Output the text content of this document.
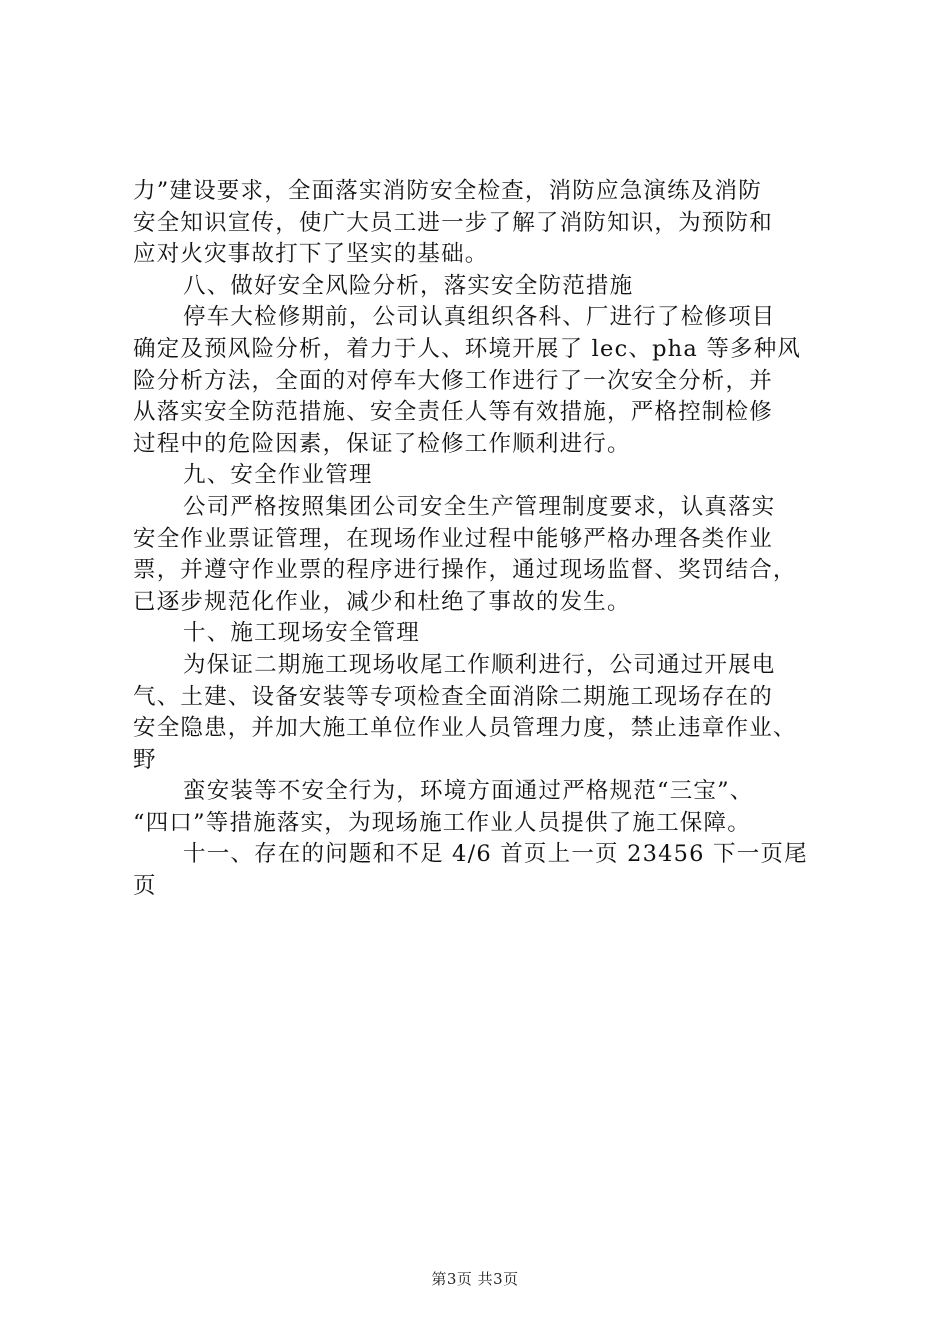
力”建设要求，全面落实消防安全检查，消防应急演练及消防
安全知识宣传，使广大员工进一步了解了消防知识，为预防和
应对火灾事故打下了坚实的基础。
八、做好安全风险分析，落实安全防范措施
停车大检修期前，公司认真组织各科、厂进行了检修项目
确定及预风险分析，着力于人、环境开展了 lec、pha 等多种风
险分析方法，全面的对停车大修工作进行了一次安全分析，并
从落实安全防范措施、安全责任人等有效措施，严格控制检修
过程中的危险因素，保证了检修工作顺利进行。
九、安全作业管理
公司严格按照集团公司安全生产管理制度要求，认真落实
安全作业票证管理，在现场作业过程中能够严格办理各类作业
票，并遵守作业票的程序进行操作，通过现场监督、奖罚结合，
已逐步规范化作业，减少和杜绝了事故的发生。
十、施工现场安全管理
为保证二期施工现场收尾工作顺利进行，公司通过开展电
气、土建、设备安装等专项检查全面消除二期施工现场存在的
安全隐患，并加大施工单位作业人员管理力度，禁止违章作业、
野
蛮安装等不安全行为，环境方面通过严格规范“三宝”、
“四口”等措施落实，为现场施工作业人员提供了施工保障。
十一、存在的问题和不足 4/6 首页上一页 23456 下一页尾
页
第3页 共3页
